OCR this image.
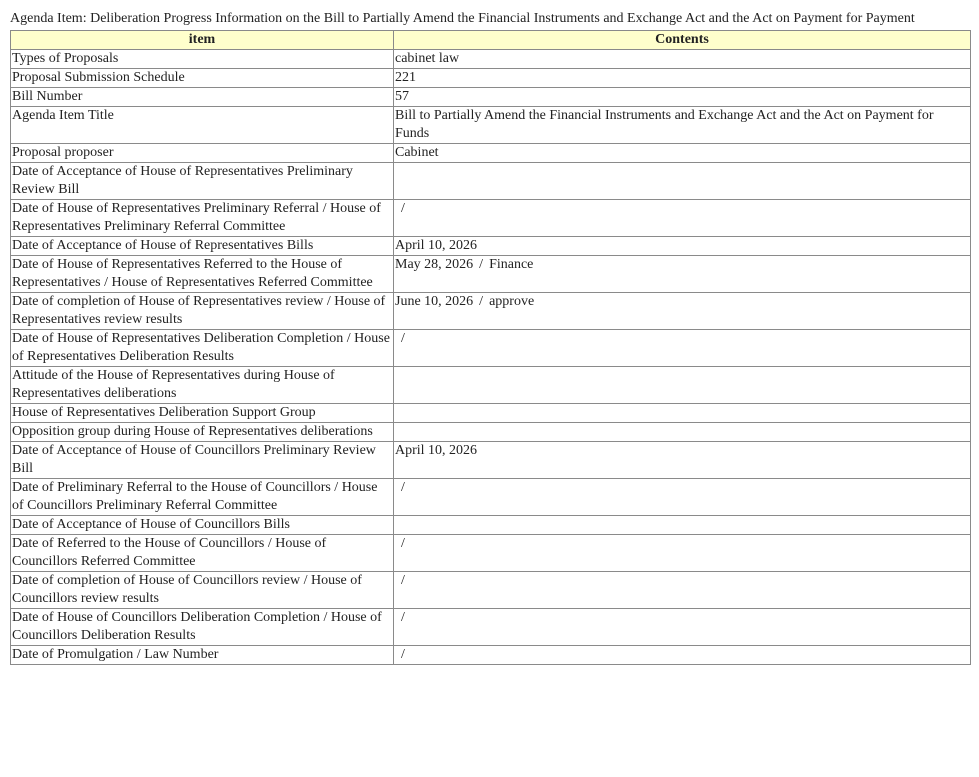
Agenda Item: Deliberation Progress Information on the Bill to Partially Amend the Financial Instruments and Exchange Act and the Act on Payment for Payment
item	Contents
Types of Proposals	cabinet law
Proposal Submission Schedule	221
Bill Number	57
Agenda Item Title	Bill to Partially Amend the Financial Instruments and Exchange Act and the Act on Payment for Funds
Proposal proposer	Cabinet
Date of Acceptance of House of Representatives Preliminary Review Bill	
Date of House of Representatives Preliminary Referral / House of Representatives Preliminary Referral Committee	/
Date of Acceptance of House of Representatives Bills	April 10, 2026
Date of House of Representatives Referred to the House of Representatives / House of Representatives Referred Committee	May 28, 2026 / Finance
Date of completion of House of Representatives review / House of Representatives review results	June 10, 2026 / approve
Date of House of Representatives Deliberation Completion / House of Representatives Deliberation Results	/
Attitude of the House of Representatives during House of Representatives deliberations	
House of Representatives Deliberation Support Group	
Opposition group during House of Representatives deliberations	
Date of Acceptance of House of Councillors Preliminary Review Bill	April 10, 2026
Date of Preliminary Referral to the House of Councillors / House of Councillors Preliminary Referral Committee	/
Date of Acceptance of House of Councillors Bills	
Date of Referred to the House of Councillors / House of Councillors Referred Committee	/
Date of completion of House of Councillors review / House of Councillors review results	/
Date of House of Councillors Deliberation Completion / House of Councillors Deliberation Results	/
Date of Promulgation / Law Number	/
